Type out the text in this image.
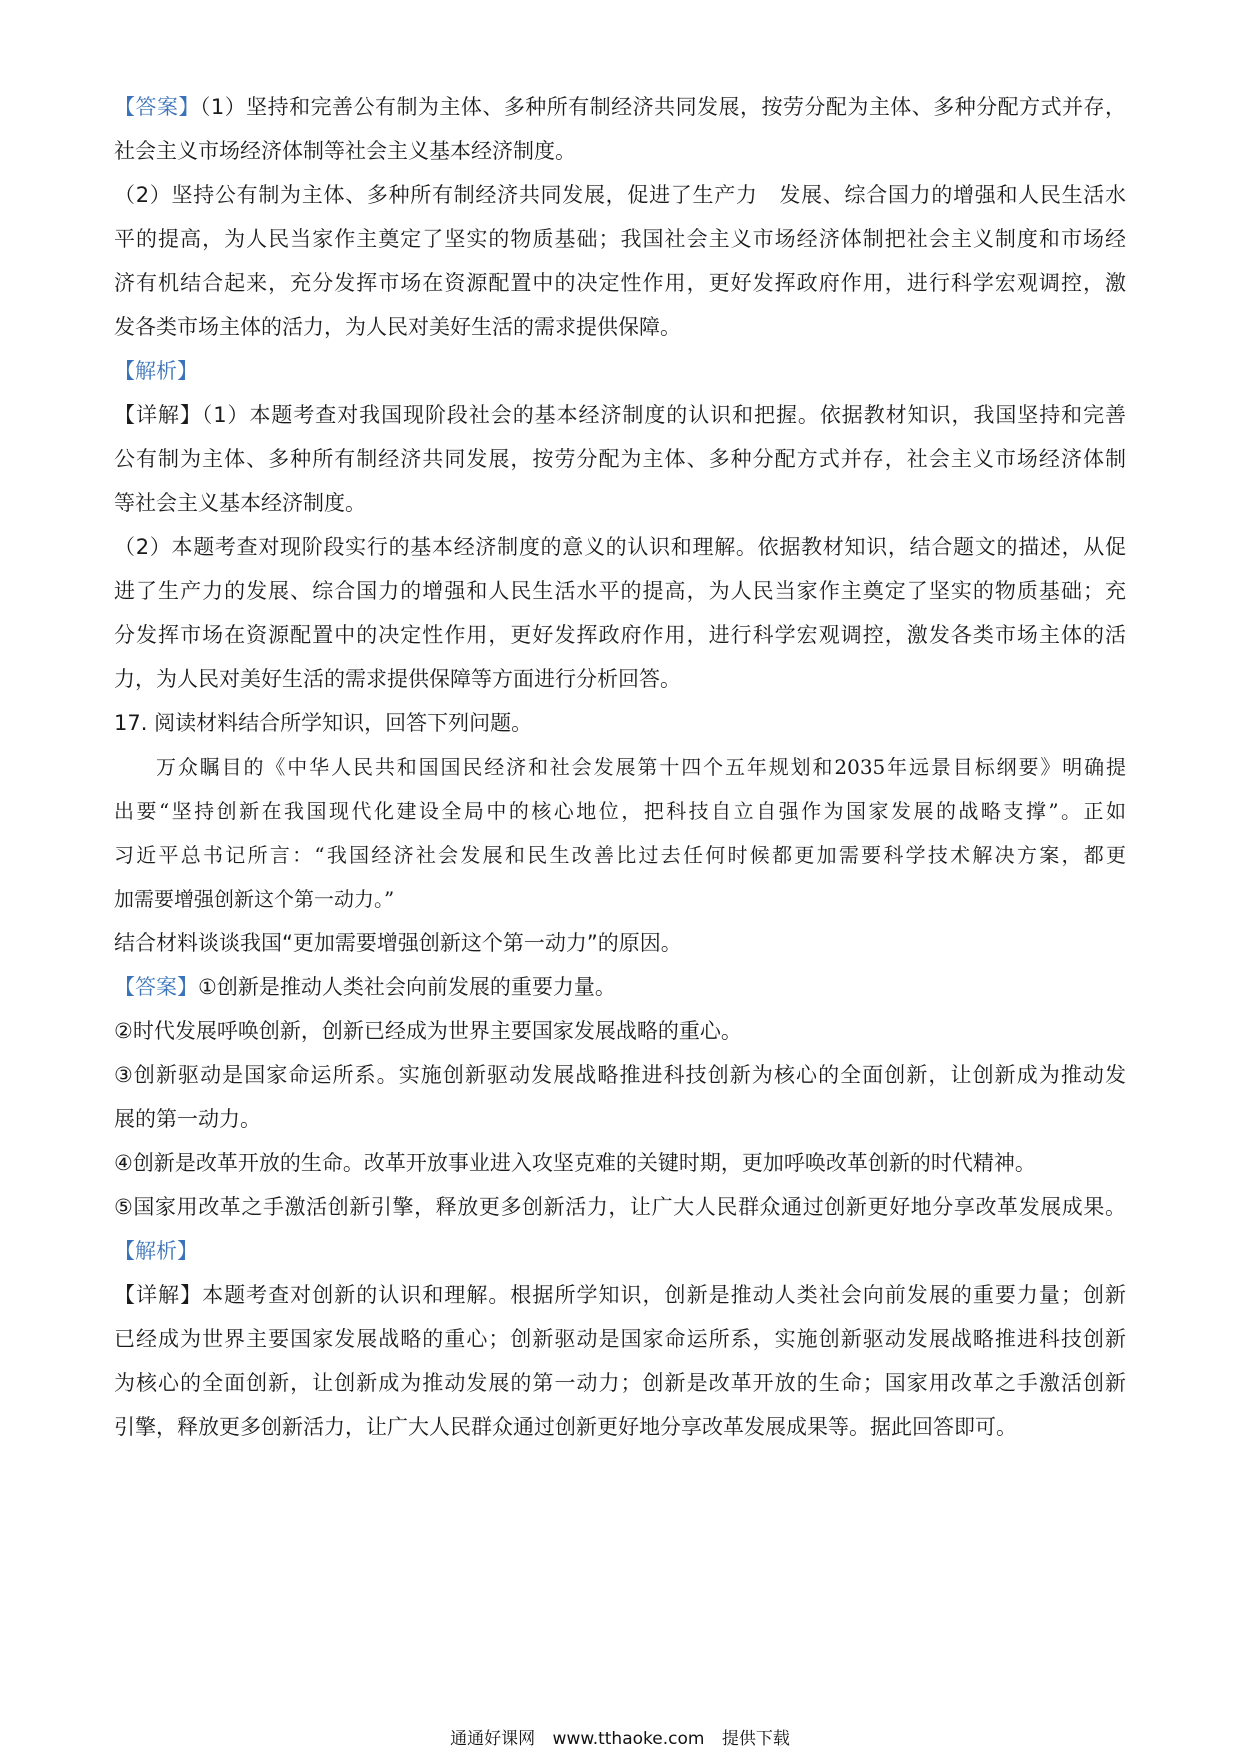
【答案】（1）坚持和完善公有制为主体、多种所有制经济共同发展，按劳分配为主体、多种分配方式并存，
社会主义市场经济体制等社会主义基本经济制度。
（2）坚持公有制为主体、多种所有制经济共同发展，促进了生产力　发展、综合国力的增强和人民生活水
平的提高，为人民当家作主奠定了坚实的物质基础；我国社会主义市场经济体制把社会主义制度和市场经
济有机结合起来，充分发挥市场在资源配置中的决定性作用，更好发挥政府作用，进行科学宏观调控，激
发各类市场主体的活力，为人民对美好生活的需求提供保障。
【解析】
【详解】（1）本题考查对我国现阶段社会的基本经济制度的认识和把握。依据教材知识，我国坚持和完善
公有制为主体、多种所有制经济共同发展，按劳分配为主体、多种分配方式并存，社会主义市场经济体制
等社会主义基本经济制度。
（2）本题考查对现阶段实行的基本经济制度的意义的认识和理解。依据教材知识，结合题文的描述，从促
进了生产力的发展、综合国力的增强和人民生活水平的提高，为人民当家作主奠定了坚实的物质基础；充
分发挥市场在资源配置中的决定性作用，更好发挥政府作用，进行科学宏观调控，激发各类市场主体的活
力，为人民对美好生活的需求提供保障等方面进行分析回答。
17. 阅读材料结合所学知识，回答下列问题。
万众瞩目的《中华人民共和国国民经济和社会发展第十四个五年规划和2035年远景目标纲要》明确提
出要“坚持创新在我国现代化建设全局中的核心地位，把科技自立自强作为国家发展的战略支撑”。正如
习近平总书记所言：“我国经济社会发展和民生改善比过去任何时候都更加需要科学技术解决方案，都更
加需要增强创新这个第一动力。”
结合材料谈谈我国“更加需要增强创新这个第一动力”的原因。
【答案】①创新是推动人类社会向前发展的重要力量。
②时代发展呼唤创新，创新已经成为世界主要国家发展战略的重心。
③创新驱动是国家命运所系。实施创新驱动发展战略推进科技创新为核心的全面创新，让创新成为推动发
展的第一动力。
④创新是改革开放的生命。改革开放事业进入攻坚克难的关键时期，更加呼唤改革创新的时代精神。
⑤国家用改革之手激活创新引擎，释放更多创新活力，让广大人民群众通过创新更好地分享改革发展成果。
【解析】
【详解】本题考查对创新的认识和理解。根据所学知识，创新是推动人类社会向前发展的重要力量；创新
已经成为世界主要国家发展战略的重心；创新驱动是国家命运所系，实施创新驱动发展战略推进科技创新
为核心的全面创新，让创新成为推动发展的第一动力；创新是改革开放的生命；国家用改革之手激活创新
引擎，释放更多创新活力，让广大人民群众通过创新更好地分享改革发展成果等。据此回答即可。
通通好课网 www.tthaoke.com 提供下载
